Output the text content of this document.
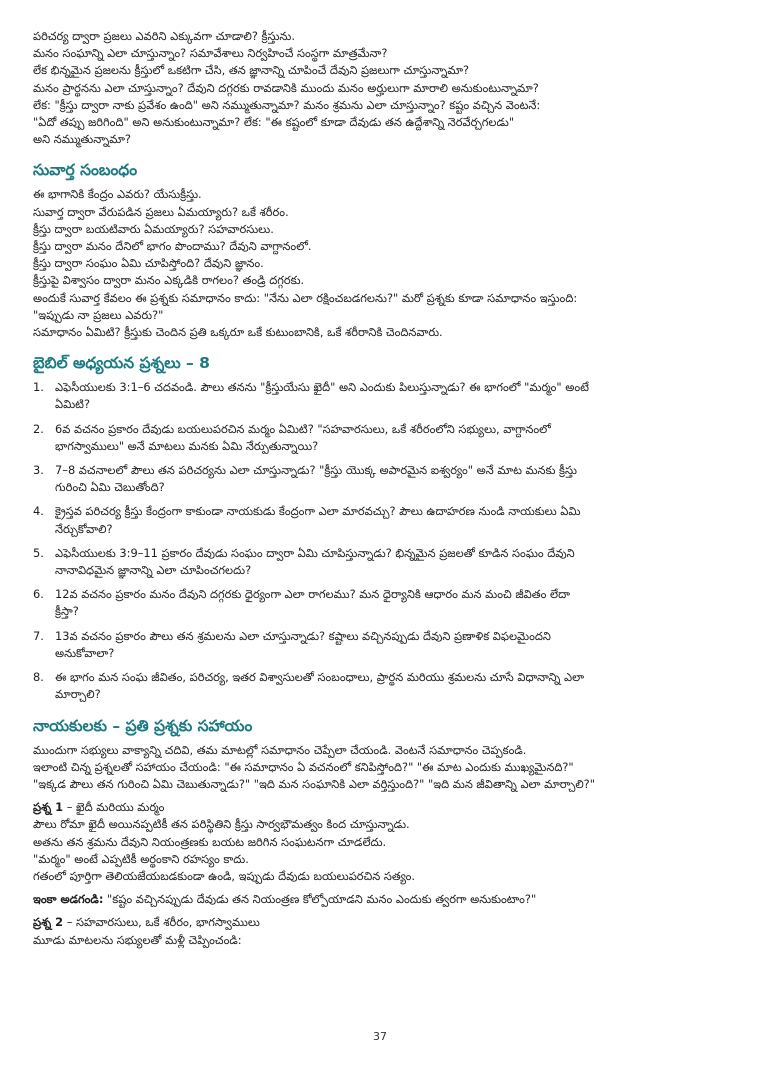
పరిచర్య ద్వారా ప్రజలు ఎవరిని ఎక్కువగా చూడాలి? క్రీస్తును.
మనం సంఘాన్ని ఎలా చూస్తున్నాం? సమావేశాలు నిర్వహించే సంస్థగా మాత్రమేనా?
లేక భిన్నమైన ప్రజలను క్రీస్తులో ఒకటిగా చేసి, తన జ్ఞానాన్ని చూపించే దేవుని ప్రజలుగా చూస్తున్నామా?
మనం ప్రార్థనను ఎలా చూస్తున్నాం? దేవుని దగ్గరకు రావడానికి ముందు మనం అర్హులుగా మారాలి అనుకుంటున్నామా?
లేక: "క్రీస్తు ద్వారా నాకు ప్రవేశం ఉంది" అని నమ్ముతున్నామా? మనం శ్రమను ఎలా చూస్తున్నాం? కష్టం వచ్చిన వెంటనే:
"ఏదో తప్పు జరిగింది" అని అనుకుంటున్నామా? లేక: "ఈ కష్టంలో కూడా దేవుడు తన ఉద్దేశాన్ని నెరవేర్చగలడు"
అని నమ్ముతున్నామా?
సువార్త సంబంధం
ఈ భాగానికి కేంద్రం ఎవరు? యేసుక్రీస్తు.
సువార్త ద్వారా వేరుపడిన ప్రజలు ఏమయ్యారు? ఒకే శరీరం.
క్రీస్తు ద్వారా బయటివారు ఏమయ్యారు? సహవారసులు.
క్రీస్తు ద్వారా మనం దేనిలో భాగం పొందాము? దేవుని వాగ్దానంలో.
క్రీస్తు ద్వారా సంఘం ఏమి చూపిస్తోంది? దేవుని జ్ఞానం.
క్రీస్తుపై విశ్వాసం ద్వారా మనం ఎక్కడికి రాగలం? తండ్రి దగ్గరకు.
అందుకే సువార్త కేవలం ఈ ప్రశ్నకు సమాధానం కాదు: "నేను ఎలా రక్షించబడగలను?" మరో ప్రశ్నకు కూడా సమాధానం ఇస్తుంది:
"ఇప్పుడు నా ప్రజలు ఎవరు?"
సమాధానం ఏమిటి? క్రీస్తుకు చెందిన ప్రతి ఒక్కరూ ఒకే కుటుంబానికి, ఒకే శరీరానికి చెందినవారు.
బైబిల్ అధ్యయన ప్రశ్నలు – 8
1. ఎఫెసీయులకు 3:1–6 చదవండి. పౌలు తనను "క్రీస్తుయేసు ఖైదీ" అని ఎందుకు పిలుస్తున్నాడు? ఈ భాగంలో "మర్మం" అంటే
ఏమిటి?
2. 6వ వచనం ప్రకారం దేవుడు బయలుపరచిన మర్మం ఏమిటి? "సహవారసులు, ఒకే శరీరంలోని సభ్యులు, వాగ్దానంలో
భాగస్వాములు" అనే మాటలు మనకు ఏమి నేర్పుతున్నాయి?
3. 7–8 వచనాలలో పౌలు తన పరిచర్యను ఎలా చూస్తున్నాడు? "క్రీస్తు యొక్క అపారమైన ఐశ్వర్యం" అనే మాట మనకు క్రీస్తు
గురించి ఏమి చెబుతోంది?
4. క్రైస్తవ పరిచర్య క్రీస్తు కేంద్రంగా కాకుండా నాయకుడు కేంద్రంగా ఎలా మారవచ్చు? పౌలు ఉదాహరణ నుండి నాయకులు ఏమి
నేర్చుకోవాలి?
5. ఎఫెసీయులకు 3:9–11 ప్రకారం దేవుడు సంఘం ద్వారా ఏమి చూపిస్తున్నాడు? భిన్నమైన ప్రజలతో కూడిన సంఘం దేవుని
నానావిధమైన జ్ఞానాన్ని ఎలా చూపించగలదు?
6. 12వ వచనం ప్రకారం మనం దేవుని దగ్గరకు ధైర్యంగా ఎలా రాగలము? మన ధైర్యానికి ఆధారం మన మంచి జీవితం లేదా
క్రీస్తా?
7. 13వ వచనం ప్రకారం పౌలు తన శ్రమలను ఎలా చూస్తున్నాడు? కష్టాలు వచ్చినప్పుడు దేవుని ప్రణాళిక విఫలమైందని
అనుకోవాలా?
8. ఈ భాగం మన సంఘ జీవితం, పరిచర్య, ఇతర విశ్వాసులతో సంబంధాలు, ప్రార్థన మరియు శ్రమలను చూసే విధానాన్ని ఎలా
మార్చాలి?
నాయకులకు – ప్రతి ప్రశ్నకు సహాయం
ముందుగా సభ్యులు వాక్యాన్ని చదివి, తమ మాటల్లో సమాధానం చెప్పేలా చేయండి. వెంటనే సమాధానం చెప్పకండి.
ఇలాంటి చిన్న ప్రశ్నలతో సహాయం చేయండి: "ఈ సమాధానం ఏ వచనంలో కనిపిస్తోంది?" "ఈ మాట ఎందుకు ముఖ్యమైనది?"
"ఇక్కడ పౌలు తన గురించి ఏమి చెబుతున్నాడు?" "ఇది మన సంఘానికి ఎలా వర్తిస్తుంది?" "ఇది మన జీవితాన్ని ఎలా మార్చాలి?"
ప్రశ్న 1 – ఖైదీ మరియు మర్మం
పౌలు రోమా ఖైదీ అయినప్పటికీ తన పరిస్థితిని క్రీస్తు సార్వభౌమత్వం కింద చూస్తున్నాడు.
అతను తన శ్రమను దేవుని నియంత్రణకు బయట జరిగిన సంఘటనగా చూడలేదు.
"మర్మం" అంటే ఎప్పటికీ అర్థంకాని రహస్యం కాదు.
గతంలో పూర్తిగా తెలియజేయబడకుండా ఉండి, ఇప్పుడు దేవుడు బయలుపరచిన సత్యం.
ఇంకా అడగండి: "కష్టం వచ్చినప్పుడు దేవుడు తన నియంత్రణ కోల్పోయాడని మనం ఎందుకు త్వరగా అనుకుంటాం?"
ప్రశ్న 2 – సహవారసులు, ఒకే శరీరం, భాగస్వాములు
మూడు మాటలను సభ్యులతో మళ్లీ చెప్పించండి:
37
